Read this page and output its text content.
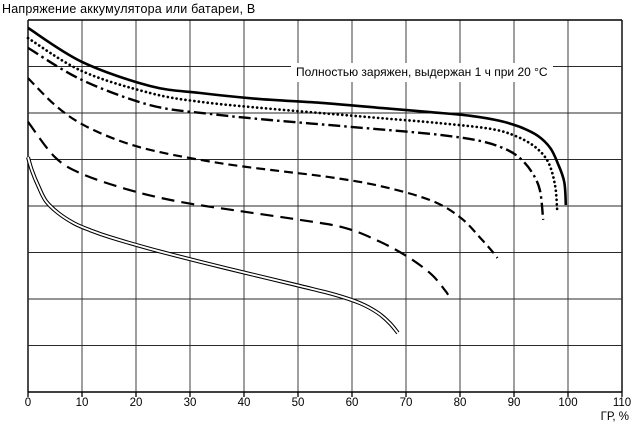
Напряжение аккумулятора или батареи, В
Полностью заряжен, выдержан 1 ч при 20 °С
0	10	20	30	40	50	60	70	80	90	100	110
ГР, %
